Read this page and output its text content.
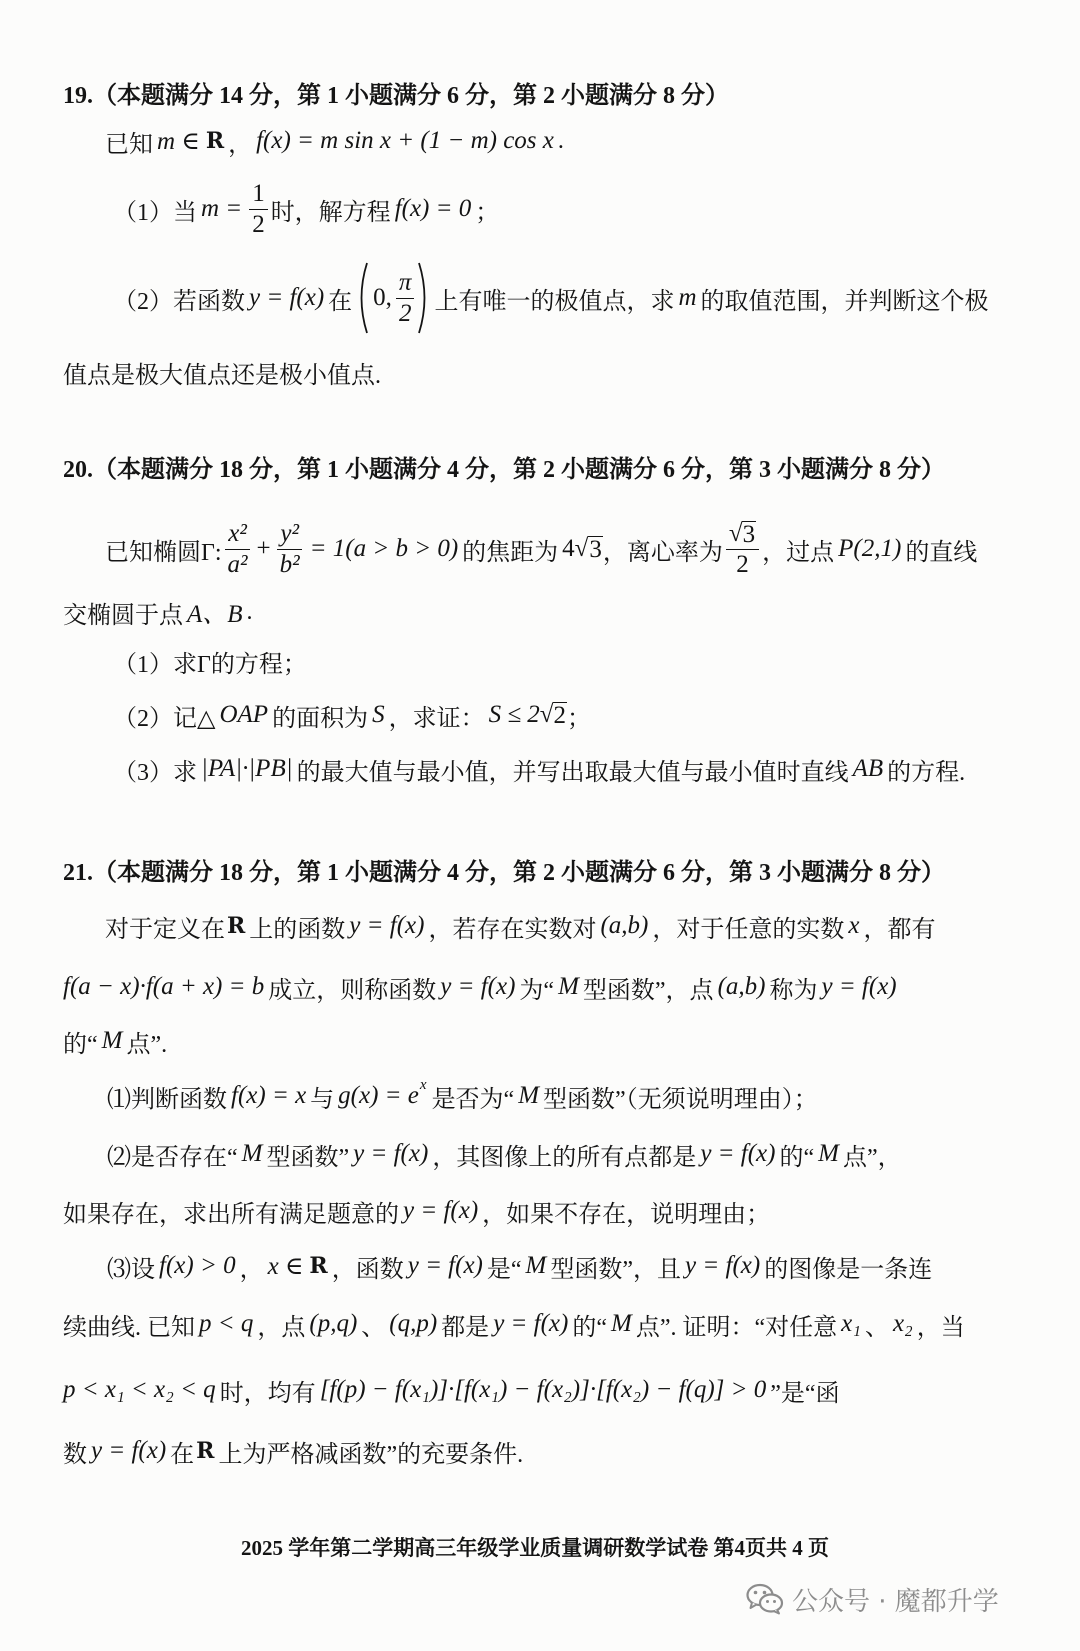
19.（本题满分 14 分，第 1 小题满分 6 分，第 2 小题满分 8 分）
已知 m ∈ R ， f(x) = m sin x + (1 − m) cos x .
（1）当 $m = \frac{1}{2}$ 时，解方程 f(x) = 0 ；
（2）若函数 y = f(x) 在 0, $\frac{\pi}{2}$ 上有唯一的极值点，求 m 的取值范围，并判断这个极
值点是极大值点还是极小值点.
20.（本题满分 18 分，第 1 小题满分 4 分，第 2 小题满分 6 分，第 3 小题满分 8 分）
已知椭圆Γ: $\frac{\text{x²}}{\text{a²}} + \frac{\text{y²}}{\text{b²}} = 1(a > b > 0)$ 的焦距为 4√ 3 ，离心率为 $\frac{√ 3}{2}$ ，过点 P(2,1) 的直线
交椭圆于点 A、B .
（1）求Γ的方程；
（2）记△ OAP 的面积为 S ，求证： S ≤ 2√ 2 ；
（3）求 |PA|·|PB| 的最大值与最小值，并写出取最大值与最小值时直线 AB 的方程.
21.（本题满分 18 分，第 1 小题满分 4 分，第 2 小题满分 6 分，第 3 小题满分 8 分）
对于定义在 R 上的函数 y = f(x) ，若存在实数对 (a,b) ，对于任意的实数 x ，都有
f(a − x)·f(a + x) = b 成立，则称函数 y = f(x) 为“ M 型函数”，点 (a,b) 称为 y = f(x)
的“ M 点”.
⑴判断函数 f(x) = x 与 g(x) = e x
是否为“ M 型函数”（无须说明理由）；
⑵是否存在“ M 型函数” y = f(x) ，其图像上的所有点都是 y = f(x) 的“ M 点”，
如果存在，求出所有满足题意的 y = f(x) ，如果不存在，说明理由；
⑶设 f(x) > 0 ， x ∈ R ，函数 y = f(x) 是“ M 型函数”，且 y = f(x) 的图像是一条连
续曲线. 已知 p < q ，点 (p,q) 、 (q,p) 都是 y = f(x) 的“ M 点”. 证明：“对任意 x₁ 、 x₂ ，当
p < x₁ < x₂ < q 时，均有 [f(p) − f(x₁)]·[f(x₁) − f(x₂)]·[f(x₂) − f(q)] > 0 ”是“函
数 y = f(x) 在 R 上为严格减函数”的充要条件.
2025 学年第二学期高三年级学业质量调研数学试卷 第4页共 4 页
公众号 · 魔都升学
